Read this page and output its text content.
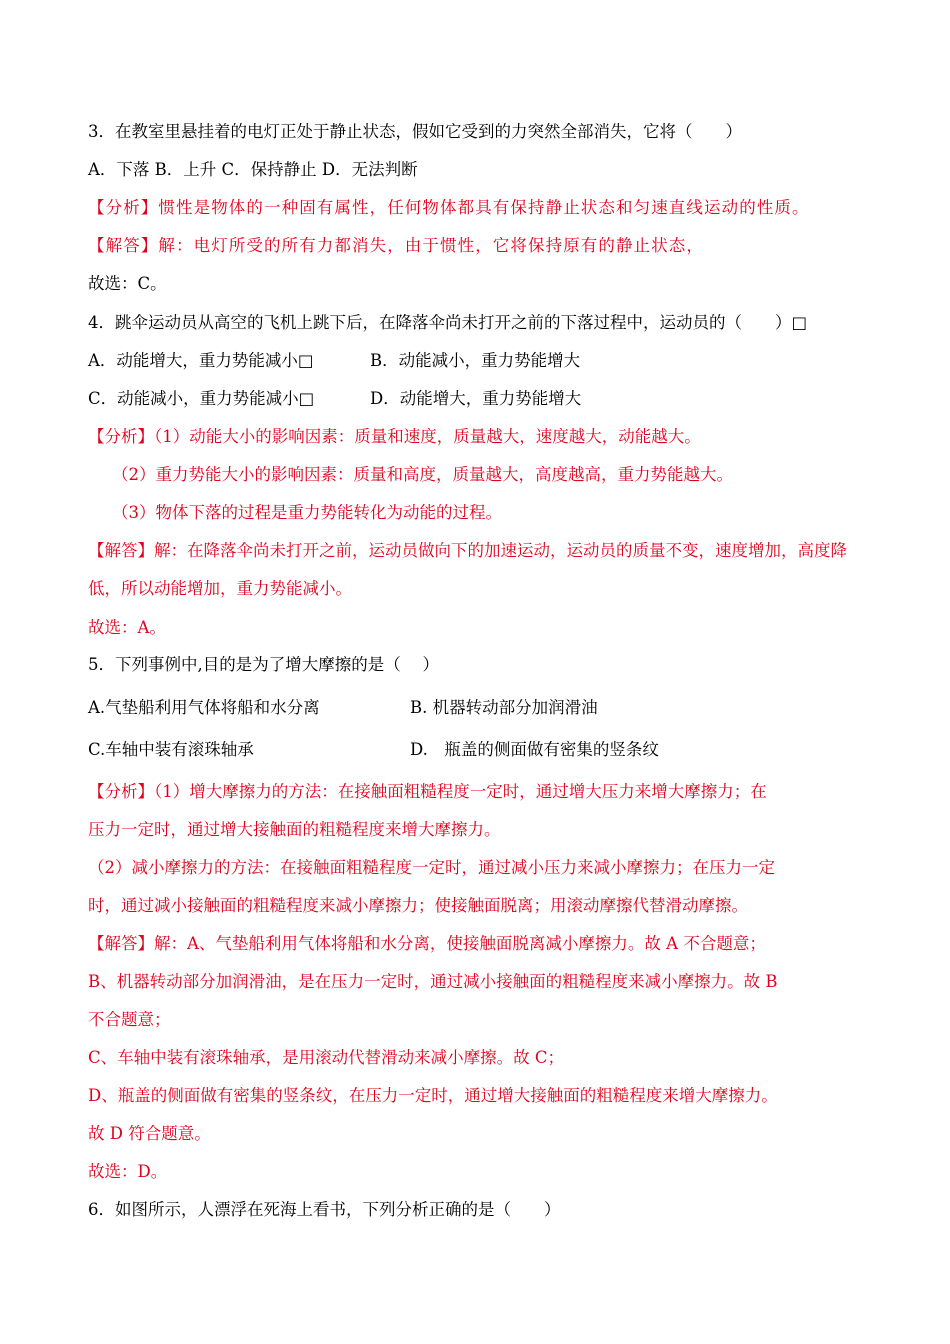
3．在教室里悬挂着的电灯正处于静止状态，假如它受到的力突然全部消失，它将（　　）
A．下落 B．上升 C．保持静止 D．无法判断
【分析】惯性是物体的一种固有属性，任何物体都具有保持静止状态和匀速直线运动的性质。
【解答】解：电灯所受的所有力都消失，由于惯性，它将保持原有的静止状态，
故选：C。
4．跳伞运动员从高空的飞机上跳下后，在降落伞尚未打开之前的下落过程中，运动员的（　　）□
A．动能增大，重力势能减小□	B．动能减小，重力势能增大
C．动能减小，重力势能减小□	D．动能增大，重力势能增大
【分析】（1）动能大小的影响因素：质量和速度，质量越大，速度越大，动能越大。
（2）重力势能大小的影响因素：质量和高度，质量越大，高度越高，重力势能越大。
（3）物体下落的过程是重力势能转化为动能的过程。
【解答】解：在降落伞尚未打开之前，运动员做向下的加速运动，运动员的质量不变，速度增加，高度降
低，所以动能增加，重力势能减小。
故选：A。
5．下列事例中,目的是为了增大摩擦的是（　 ）
A.气垫船利用气体将船和水分离	B. 机器转动部分加润滑油
C.车轴中装有滚珠轴承	D.　瓶盖的侧面做有密集的竖条纹
【分析】（1）增大摩擦力的方法：在接触面粗糙程度一定时，通过增大压力来增大摩擦力；在
压力一定时，通过增大接触面的粗糙程度来增大摩擦力。
（2）减小摩擦力的方法：在接触面粗糙程度一定时，通过减小压力来减小摩擦力；在压力一定
时，通过减小接触面的粗糙程度来减小摩擦力；使接触面脱离；用滚动摩擦代替滑动摩擦。
【解答】解：A、气垫船利用气体将船和水分离，使接触面脱离减小摩擦力。故 A 不合题意；
B、机器转动部分加润滑油，是在压力一定时，通过减小接触面的粗糙程度来减小摩擦力。故 B
不合题意；
C、车轴中装有滚珠轴承，是用滚动代替滑动来减小摩擦。故 C；
D、瓶盖的侧面做有密集的竖条纹，在压力一定时，通过增大接触面的粗糙程度来增大摩擦力。
故 D 符合题意。
故选：D。
6．如图所示，人漂浮在死海上看书，下列分析正确的是（　　）
